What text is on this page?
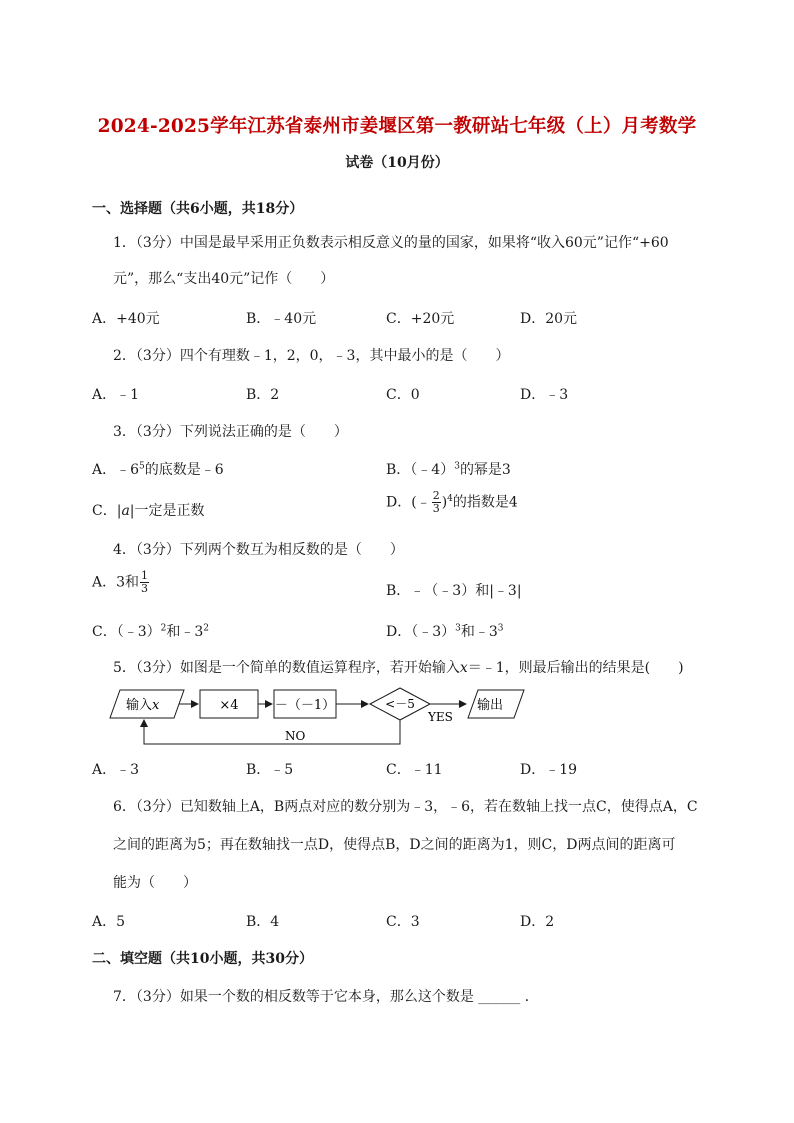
2024-2025学年江苏省泰州市姜堰区第一教研站七年级（上）月考数学
试卷（10月份）
一、选择题（共6小题，共18分）
1．（3分）中国是最早采用正负数表示相反意义的量的国家，如果将“收入60元”记作“+60
元”，那么“支出40元”记作（　　）
A．+40元	B．﹣40元	C．+20元	D．20元
2．（3分）四个有理数﹣1，2，0，﹣3，其中最小的是（　　）
A．﹣1	B．2	C．0	D．﹣3
3．（3分）下列说法正确的是（　　）
A．$﹣6^5$的底数是﹣6	B．（﹣4）$^3$的幂是3
C．|a|一定是正数
D．(﹣ $\frac{2}{3} )^4$的指数是4
4．（3分）下列两个数互为相反数的是（　　）
A．3和 $\frac{1}{3}$	B．﹣（﹣3）和|﹣3|
C．（﹣3）$^2$和$﹣3^2$	D．（﹣3）$^3$和$﹣3^3$
5．（3分）如图是一个简单的数值运算程序，若开始输入x＝﹣1，则最后输出的结果是(　　)
输入x	×4	－（－1）	<－5
YES
输出
NO
A．﹣3	B．﹣5	C．﹣11	D．﹣19
6．（3分）已知数轴上A，B两点对应的数分别为﹣3，﹣6，若在数轴上找一点C，使得点A，C
之间的距离为5；再在数轴找一点D，使得点B，D之间的距离为1，则C，D两点间的距离可
能为（　　）
A．5	B．4	C．3	D．2
二、填空题（共10小题，共30分）
7．（3分）如果一个数的相反数等于它本身，那么这个数是 ______ ．
